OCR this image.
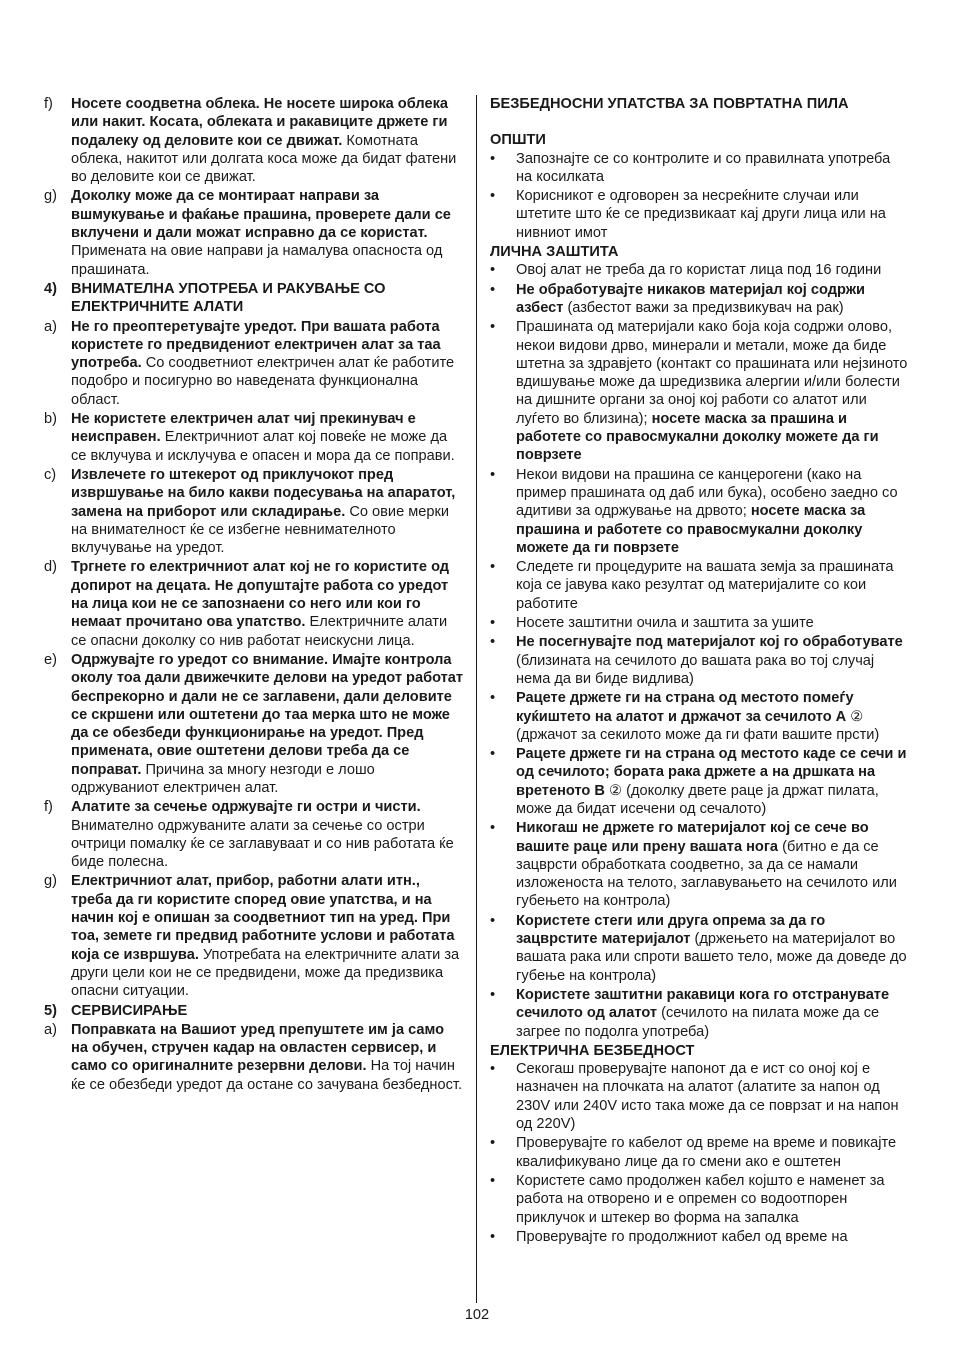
f) Носете соодветна облека. Не носете широка облека или накит. Косата, облеката и ракавиците држете ги подалеку од деловите кои се движат. Комотната облека, накитот или долгата коса може да бидат фатени во деловите кои се движат.
g) Доколку може да се монтираат направи за вшмукување и фаќање прашина, проверете дали се вклучени и дали можат исправно да се користат. Примената на овие направи ја намалува опасноста од прашината.
4) ВНИМАТЕЛНА УПОТРЕБА И РАКУВАЊЕ СО ЕЛЕКТРИЧНИТЕ АЛАТИ
a) Не го преоптеретувајте уредот. При вашата работа користете го предвидениот електричен алат за таа употреба. Со соодветниот електричен алат ќе работите подобро и посигурно во наведената функционална област.
b) Не користете електричен алат чиј прекинувач е неисправен. Електричниот алат кој повеќе не може да се вклучува и исклучува е опасен и мора да се поправи.
c) Извлечете го штекерот од приклучокот пред извршување на било какви подесувања на апаратот, замена на приборот или складирање. Со овие мерки на внимателност ќе се избегне невнимателното вклучување на уредот.
d) Тргнете го електричниот алат кој не го користите од допирот на децата. Не допуштајте работа со уредот на лица кои не се запознаени со него или кои го немаат прочитано ова упатство. Електричните алати се опасни доколку со нив работат неискусни лица.
e) Одржувајте го уредот со внимание. Имајте контрола околу тоа дали движечките делови на уредот работат беспрекорно и дали не се заглавени, дали деловите се скршени или оштетени до таа мерка што не може да се обезбеди функционирање на уредот. Пред примената, овие оштетени делови треба да се поправат. Причина за многу незгоди е лошо одржуваниот електричен алат.
f) Алатите за сечење одржувајте ги остри и чисти. Внимателно одржуваните алати за сечење со остри очтрици помалку ќе се заглавуваат и со нив работата ќе биде полесна.
g) Електричниот алат, прибор, работни алати итн., треба да ги користите според овие упатства, и на начин кој е опишан за соодветниот тип на уред. При тоа, земете ги предвид работните услови и работата која се извршува. Употребата на електричните алати за други цели кои не се предвидени, може да предизвика опасни ситуации.
5) СЕРВИСИРАЊЕ
a) Поправката на Вашиот уред препуштете им ја само на обучен, стручен кадар на овластен сервисер, и само со оригиналните резервни делови. На тој начин ќе се обезбеди уредот да остане со зачувана безбедност.
БЕЗБЕДНОСНИ УПАТСТВА ЗА ПОВРТАТНА ПИЛА
ОПШТИ
• Запознајте се со контролите и со правилната употреба на косилката
• Корисникот е одговорен за несреќните случаи или штетите што ќе се предизвикаат кај други лица или на нивниот имот
ЛИЧНА ЗАШТИТА
• Овој алат не треба да го користат лица под 16 години
• Не обработувајте никаков материјал кој содржи азбест (азбестот важи за предизвикувач на рак)
• Прашината од материјали како боја која содржи олово, некои видови дрво, минерали и метали, може да биде штетна за здравјето (контакт со прашината или нејзиното вдишување може да шредизвика алергии и/или болести на дишните органи за оној кој работи со алатот или луѓето во близина); носете маска за прашина и работете со правосмукални доколку можете да ги поврзете
• Некои видови на прашина се канцерогени (како на пример прашината од даб или бука), особено заедно со адитиви за одржување на дрвото; носете маска за прашина и работете со правосмукални доколку можете да ги поврзете
• Следете ги процедурите на вашата земја за прашината која се јавува како резултат од материјалите со кои работите
• Носете заштитни очила и заштита за ушите
• Не посегнувајте под материјалот кој го обработувате (близината на сечилото до вашата рака во тој случај нема да ви биде видлива)
• Рацете држете ги на страна од местото помеѓу куќиштето на алатот и држачот за сечилото A ② (држачот за секилото може да ги фати вашите прсти)
• Рацете држете ги на страна од местото каде се сечи и од сечилото; бората рака држете а на дршката на вретеното B ② (доколку двете раце ја држат пилата, може да бидат исечени од сечалото)
• Никогаш не држете го материјалот кој се сече во вашите раце или прену вашата нога (битно е да се зацврсти обработката соодветно, за да се намали изложеноста на телото, заглавувањето на сечилото или губењето на контрола)
• Користете стеги или друга опрема за да го зацврстите материјалот (држењето на материјалот во вашата рака или спроти вашето тело, може да доведе до губење на контрола)
• Користете заштитни ракавици кога го отстранувате сечилото од алатот (сечилото на пилата може да се загрее по подолга употреба)
ЕЛЕКТРИЧНА БЕЗБЕДНОСТ
• Секогаш проверувајте напонот да е ист со оној кој е назначен на плочката на алатот (алатите за напон од 230V или 240V исто така може да се поврзат и на напон од 220V)
• Проверувајте го кабелот од време на време и повикајте квалификувано лице да го смени ако е оштетен
• Користете само продолжен кабел којшто е наменет за работа на отворено и е опремен со водоотпорен приклучок и штекер во форма на запалка
• Проверувајте го продолжниот кабел од време на
102
